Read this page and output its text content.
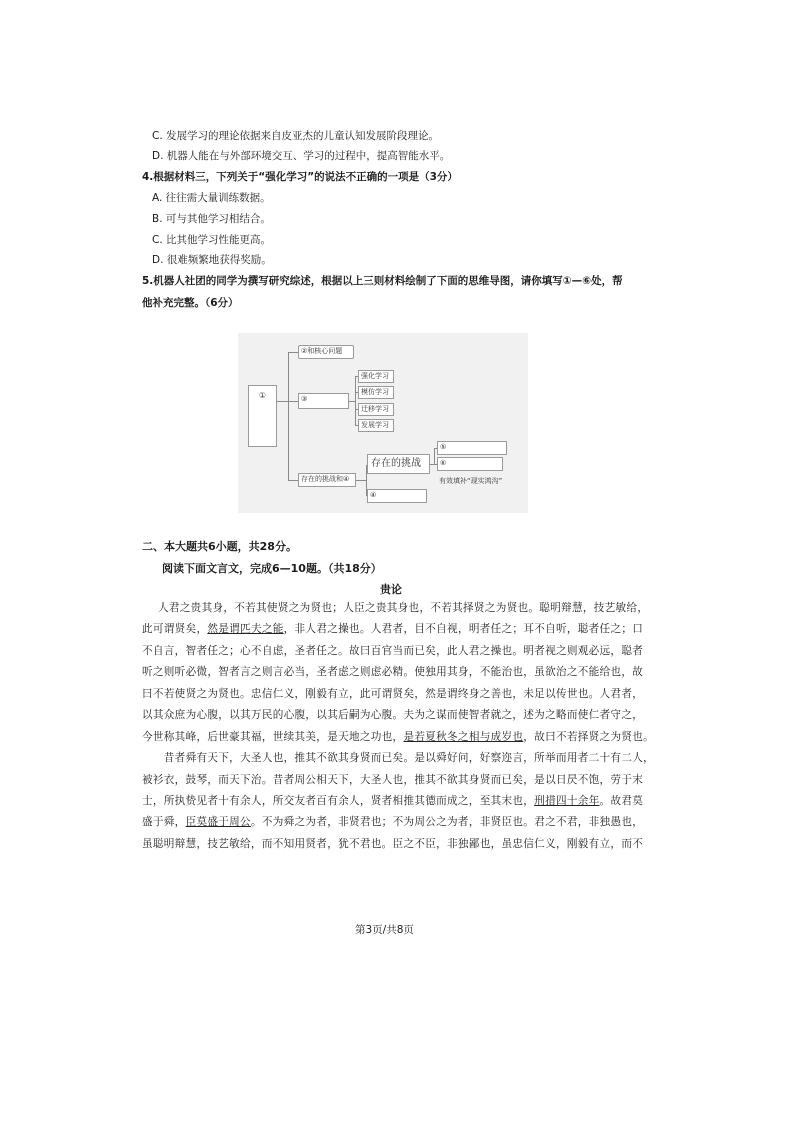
C. 发展学习的理论依据来自皮亚杰的儿童认知发展阶段理论。
D. 机器人能在与外部环境交互、学习的过程中，提高智能水平。
4.根据材料三，下列关于“强化学习”的说法不正确的一项是（3分）
A. 往往需大量训练数据。
B. 可与其他学习相结合。
C. 比其他学习性能更高。
D. 很难频繁地获得奖励。
5.机器人社团的同学为撰写研究综述，根据以上三则材料绘制了下面的思维导图，请你填写①—⑥处，帮
他补充完整。（6分）
①
②和核心问题
③
强化学习
模仿学习
迁移学习
发展学习
存在的挑战和④
存在的挑战
⑤
⑥
有效填补“现实鸿沟”
④
二、本大题共6小题，共28分。
阅读下面文言文，完成6—10题。（共18分）
贵论
人君之贵其身，不若其使贤之为贤也；人臣之贵其身也，不若其择贤之为贤也。聪明辩慧，技艺敏给，
此可谓贤矣，然是谓匹夫之能，非人君之操也。人君者，目不自视，明者任之；耳不自听，聪者任之；口
不自言，智者任之；心不自虑，圣者任之。故曰百官当而已矣，此人君之操也。明者视之则观必远，聪者
听之则听必微，智者言之则言必当，圣者虑之则虑必精。使独用其身，不能治也，虽欲治之不能给也，故
曰不若使贤之为贤也。忠信仁义，刚毅有立，此可谓贤矣，然是谓终身之善也，未足以传世也。人君者，
以其众庶为心腹，以其万民的心腹，以其后嗣为心腹。夫为之谋而使智者就之，述为之略而使仁者守之，
今世称其峰，后世豪其福，世续其美，是天地之功也，是若夏秋冬之相与成岁也，故曰不若择贤之为贤也。
　　昔者舜有天下，大圣人也，推其不欲其身贤而已矣。是以舜好问，好察迩言，所举而用者二十有二人，
被衫衣，鼓琴，而天下治。昔者周公相天下，大圣人也，推其不欲其身贤而已矣，是以日昃不饱，劳于末
士，所执贽见者十有余人，所交友者百有余人，贤者相推其德而成之，至其末也，刑措四十余年。故君莫
盛于舜，臣莫盛于周公。不为舜之为者，非贤君也；不为周公之为者，非贤臣也。君之不君，非独愚也，
虽聪明辩慧，技艺敏给，而不知用贤者，犹不君也。臣之不臣，非独鄙也，虽忠信仁义，刚毅有立，而不
第3页/共8页
